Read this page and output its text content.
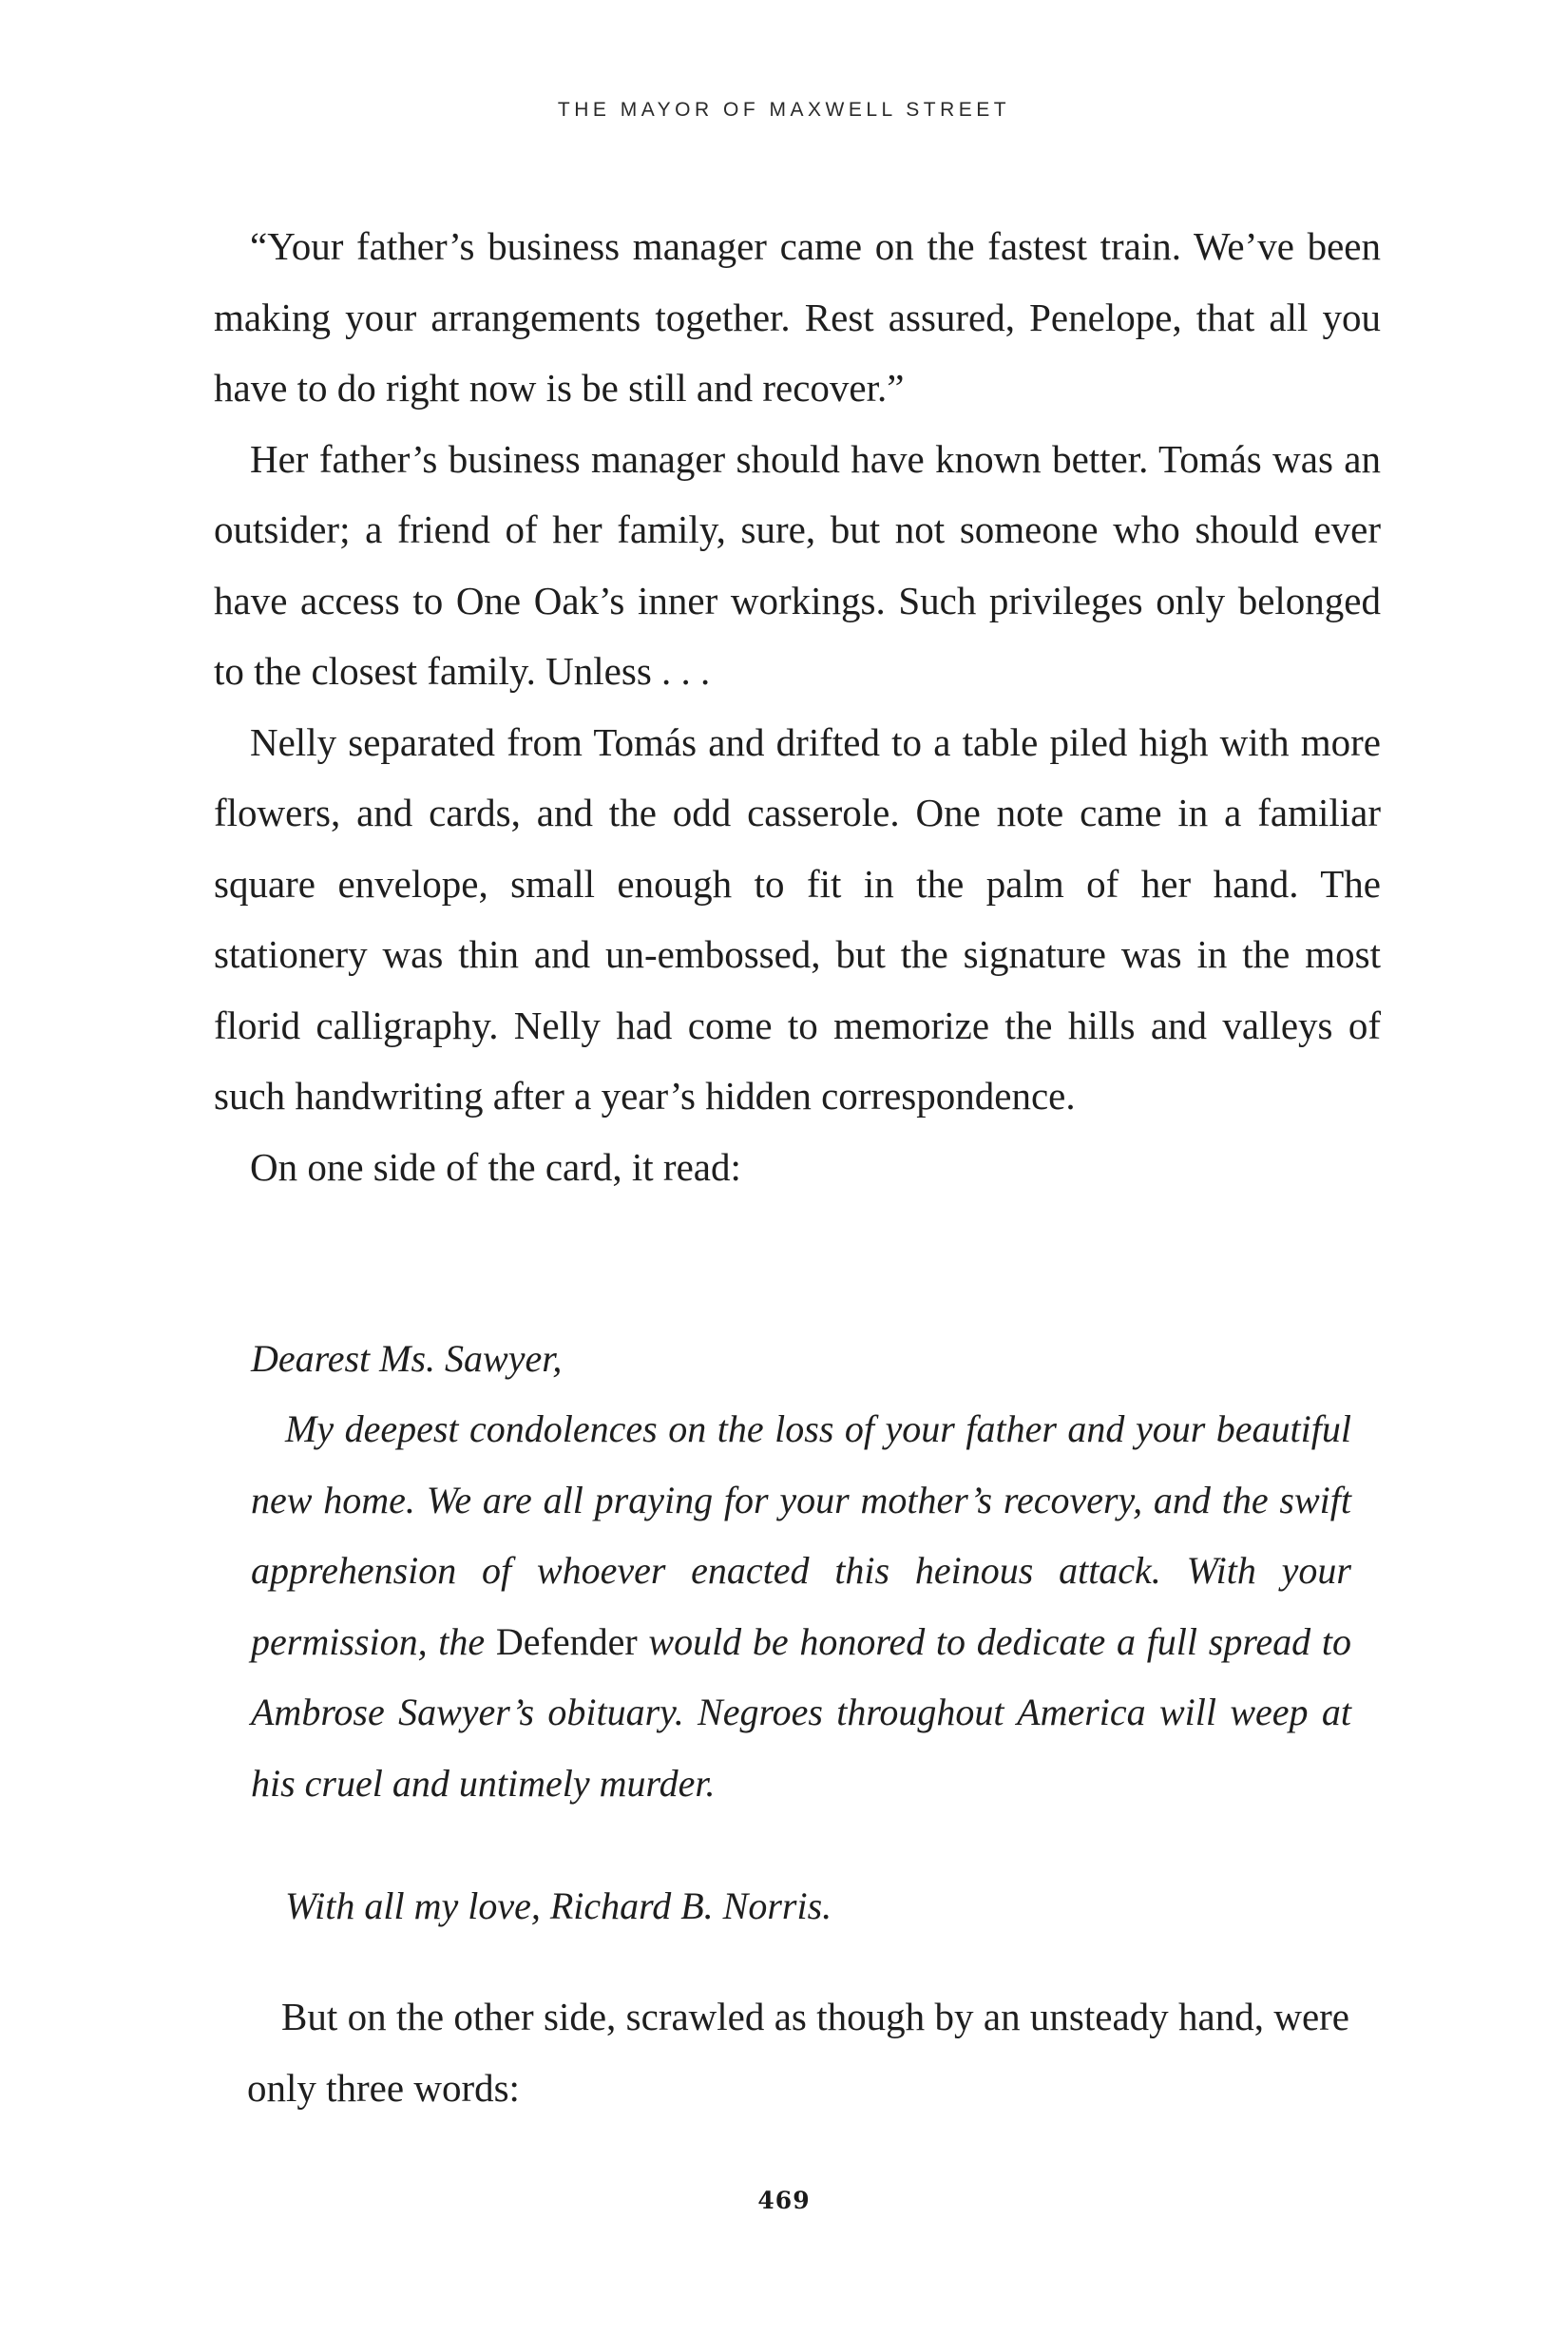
THE MAYOR OF MAXWELL STREET

“Your father’s business manager came on the fastest train. We’ve been making your arrangements together. Rest assured, Penelope, that all you have to do right now is be still and recover.”

Her father’s business manager should have known better. Tomás was an outsider; a friend of her family, sure, but not someone who should ever have access to One Oak’s inner workings. Such privileges only belonged to the closest family. Unless . . .

Nelly separated from Tomás and drifted to a table piled high with more flowers, and cards, and the odd casserole. One note came in a familiar square envelope, small enough to fit in the palm of her hand. The stationery was thin and un-embossed, but the signature was in the most florid calligraphy. Nelly had come to memorize the hills and valleys of such handwriting after a year’s hidden correspondence.

On one side of the card, it read:

Dearest Ms. Sawyer,

My deepest condolences on the loss of your father and your beautiful new home. We are all praying for your mother’s recovery, and the swift apprehension of whoever enacted this heinous attack. With your permission, the Defender would be honored to dedicate a full spread to Ambrose Sawyer’s obituary. Negroes throughout America will weep at his cruel and untimely murder.

With all my love, Richard B. Norris.

But on the other side, scrawled as though by an unsteady hand, were only three words:

469
